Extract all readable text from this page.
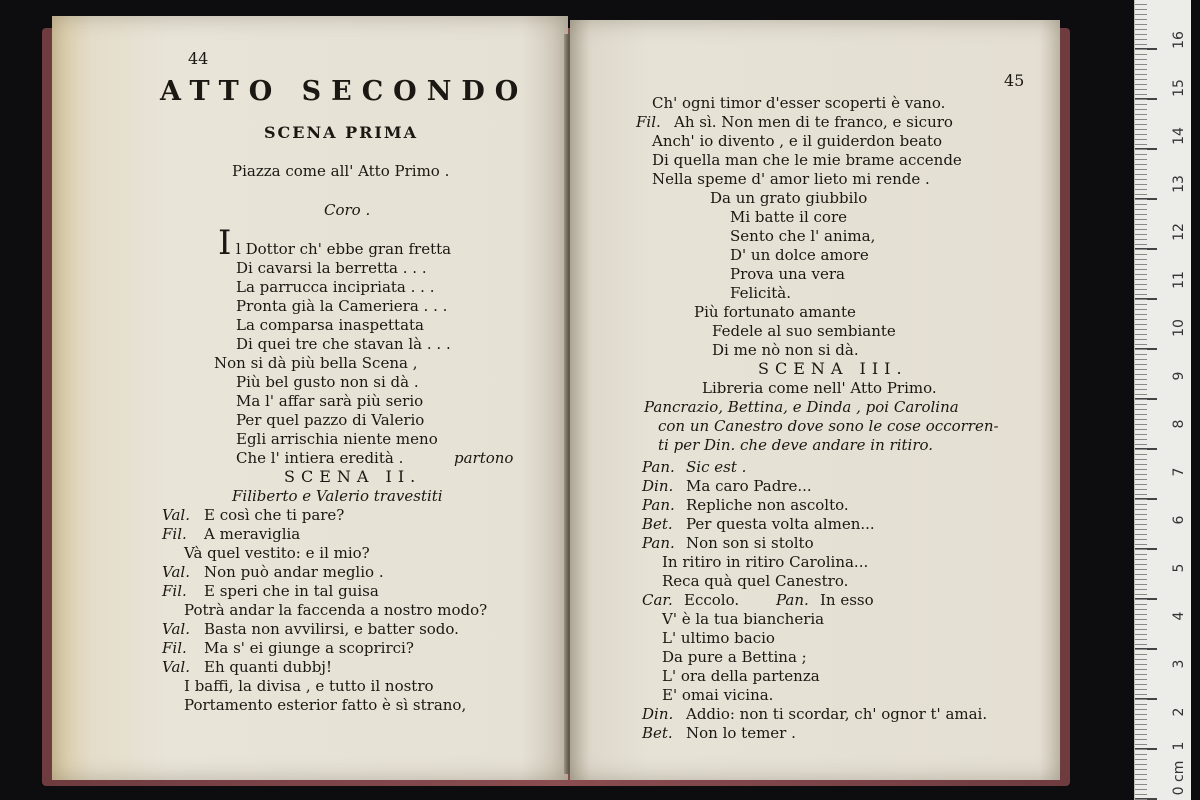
44
ATTO SECONDO
SCENA PRIMA
Piazza come all' Atto Primo .
Coro .
I l Dottor ch' ebbe gran fretta
Di cavarsi la berretta . . .
La parrucca incipriata . . .
Pronta già la Cameriera . . .
La comparsa inaspettata
Di quei tre che stavan là . . .
Non si dà più bella Scena ,
Più bel gusto non si dà .
Ma l' affar sarà più serio
Per quel pazzo di Valerio
Egli arrischia niente meno
Che l' intiera eredità .	partono
SCENA II.
Filiberto e Valerio travestiti
Val. E così che ti pare?
Fil. A meraviglia
Và quel vestito: e il mio?
Val. Non può andar meglio .
Fil. E speri che in tal guisa
Potrà andar la faccenda a nostro modo?
Val. Basta non avvilirsi, e batter sodo.
Fil. Ma s' ei giunge a scoprirci?
Val. Eh quanti dubbj!
I baffi, la divisa , e tutto il nostro
Portamento esterior fatto è sì strano,
45
Ch' ogni timor d'esser scoperti è vano.
Fil. Ah sì. Non men di te franco, e sicuro
Anch' io divento , e il guiderdon beato
Di quella man che le mie brame accende
Nella speme d' amor lieto mi rende .
Da un grato giubbilo
Mi batte il core
Sento che l' anima,
D' un dolce amore
Prova una vera
Felicità.
Più fortunato amante
Fedele al suo sembiante
Di me nò non si dà.
SCENA III.
Libreria come nell' Atto Primo.
Pancrazio, Bettina, e Dinda , poi Carolina
con un Canestro dove sono le cose occorren-
ti per Din. che deve andare in ritiro.
Pan. Sic est .
Din. Ma caro Padre...
Pan. Repliche non ascolto.
Bet. Per questa volta almen...
Pan. Non son si stolto
In ritiro in ritiro Carolina...
Reca quà quel Canestro.
Car. Eccolo. Pan. In esso
V' è la tua biancheria
L' ultimo bacio
Da pure a Bettina ;
L' ora della partenza
E' omai vicina.
Din. Addio: non ti scordar, ch' ognor t' amai.
Bet. Non lo temer .
16
15
14
13
12
11
10
9
8
7
6
5
4
3
2
1
0 cm
